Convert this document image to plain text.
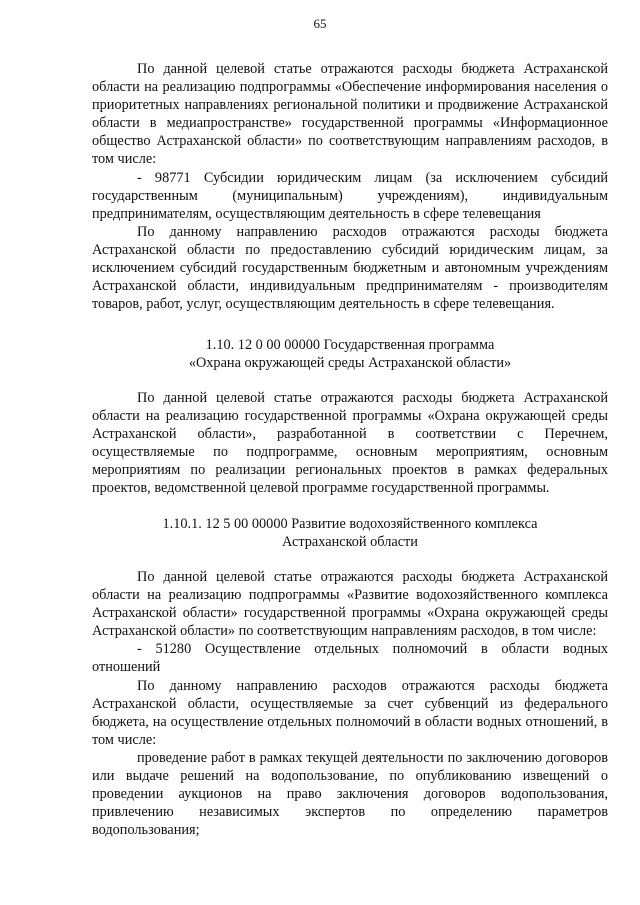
65

По данной целевой статье отражаются расходы бюджета Астраханской области на реализацию подпрограммы «Обеспечение информирования населения о приоритетных направлениях региональной политики и продвижение Астраханской области в медиапространстве» государственной программы «Информационное общество Астраханской области» по соответствующим направлениям расходов, в том числе:

- 98771 Субсидии юридическим лицам (за исключением субсидий государственным (муниципальным) учреждениям), индивидуальным предпринимателям, осуществляющим деятельность в сфере телевещания

По данному направлению расходов отражаются расходы бюджета Астраханской области по предоставлению субсидий юридическим лицам, за исключением субсидий государственным бюджетным и автономным учреждениям Астраханской области, индивидуальным предпринимателям - производителям товаров, работ, услуг, осуществляющим деятельность в сфере телевещания.

1.10. 12 0 00 00000 Государственная программа

«Охрана окружающей среды Астраханской области»

По данной целевой статье отражаются расходы бюджета Астраханской области на реализацию государственной программы «Охрана окружающей среды Астраханской области», разработанной в соответствии с Перечнем, осуществляемые по подпрограмме, основным мероприятиям, основным мероприятиям по реализации региональных проектов в рамках федеральных проектов, ведомственной целевой программе государственной программы.

1.10.1. 12 5 00 00000 Развитие водохозяйственного комплекса

Астраханской области

По данной целевой статье отражаются расходы бюджета Астраханской области на реализацию подпрограммы «Развитие водохозяйственного комплекса Астраханской области» государственной программы «Охрана окружающей среды Астраханской области» по соответствующим направлениям расходов, в том числе:

- 51280 Осуществление отдельных полномочий в области водных отношений

По данному направлению расходов отражаются расходы бюджета Астраханской области, осуществляемые за счет субвенций из федерального бюджета, на осуществление отдельных полномочий в области водных отношений, в том числе:

проведение работ в рамках текущей деятельности по заключению договоров или выдаче решений на водопользование, по опубликованию извещений о проведении аукционов на право заключения договоров водопользования, привлечению независимых экспертов по определению параметров водопользования;
